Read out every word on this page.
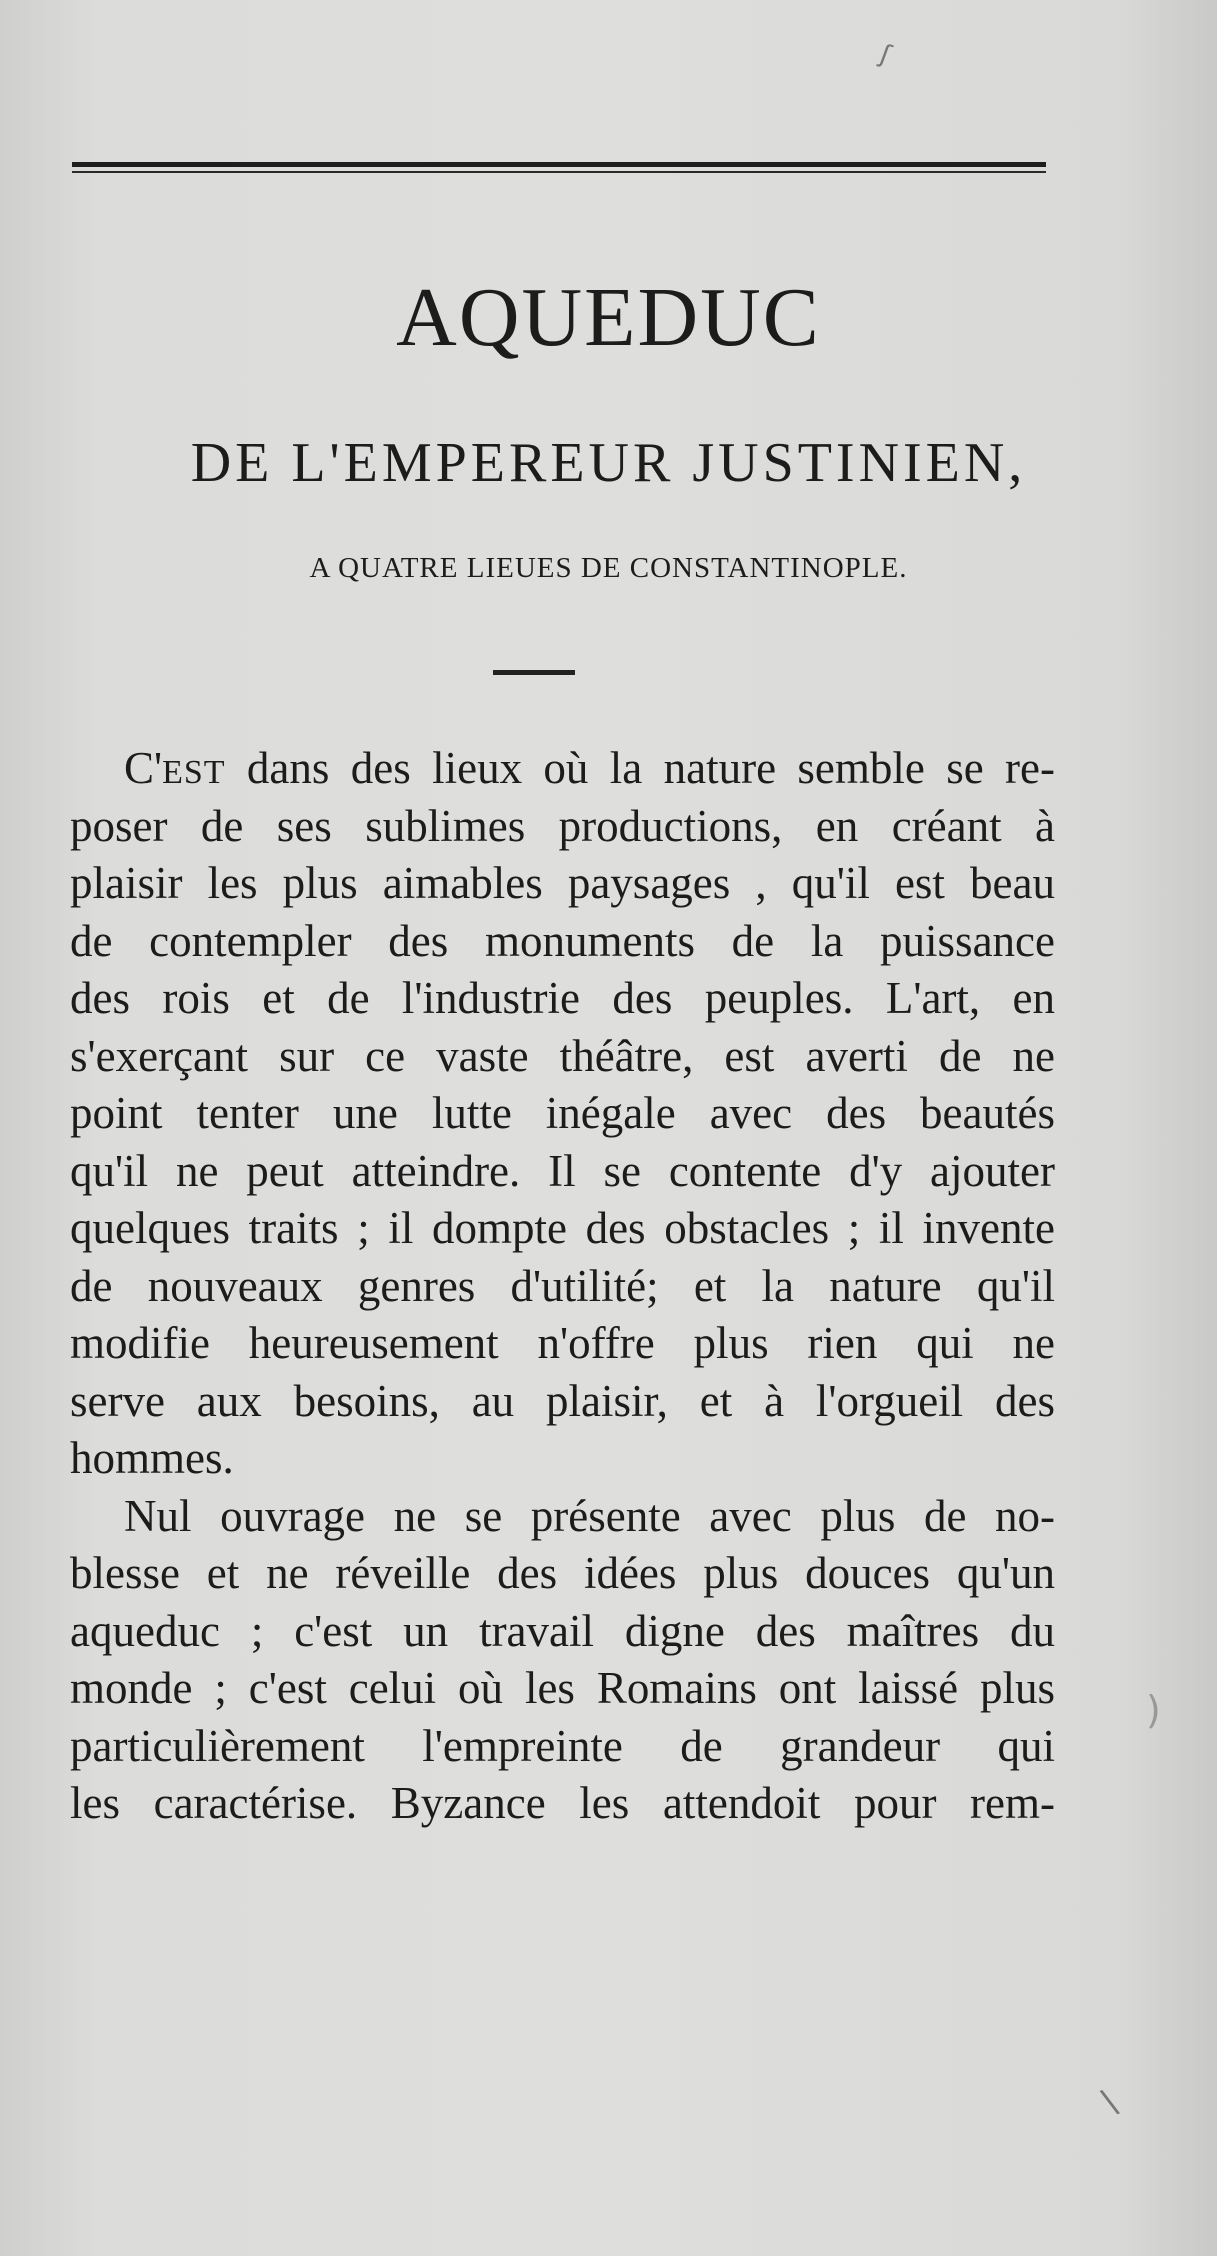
ʃ
AQUEDUC
DE L'EMPEREUR JUSTINIEN,
A QUATRE LIEUES DE CONSTANTINOPLE.
C'EST dans des lieux où la nature semble se re-
poser de ses sublimes productions, en créant à
plaisir les plus aimables paysages , qu'il est beau
de contempler des monuments de la puissance
des rois et de l'industrie des peuples. L'art, en
s'exerçant sur ce vaste théâtre, est averti de ne
point tenter une lutte inégale avec des beautés
qu'il ne peut atteindre. Il se contente d'y ajouter
quelques traits ; il dompte des obstacles ; il invente
de nouveaux genres d'utilité; et la nature qu'il
modifie heureusement n'offre plus rien qui ne
serve aux besoins, au plaisir, et à l'orgueil des
hommes.
Nul ouvrage ne se présente avec plus de no-
blesse et ne réveille des idées plus douces qu'un
aqueduc ; c'est un travail digne des maîtres du
monde ; c'est celui où les Romains ont laissé plus
particulièrement l'empreinte de grandeur qui
les caractérise. Byzance les attendoit pour rem-
)
\
